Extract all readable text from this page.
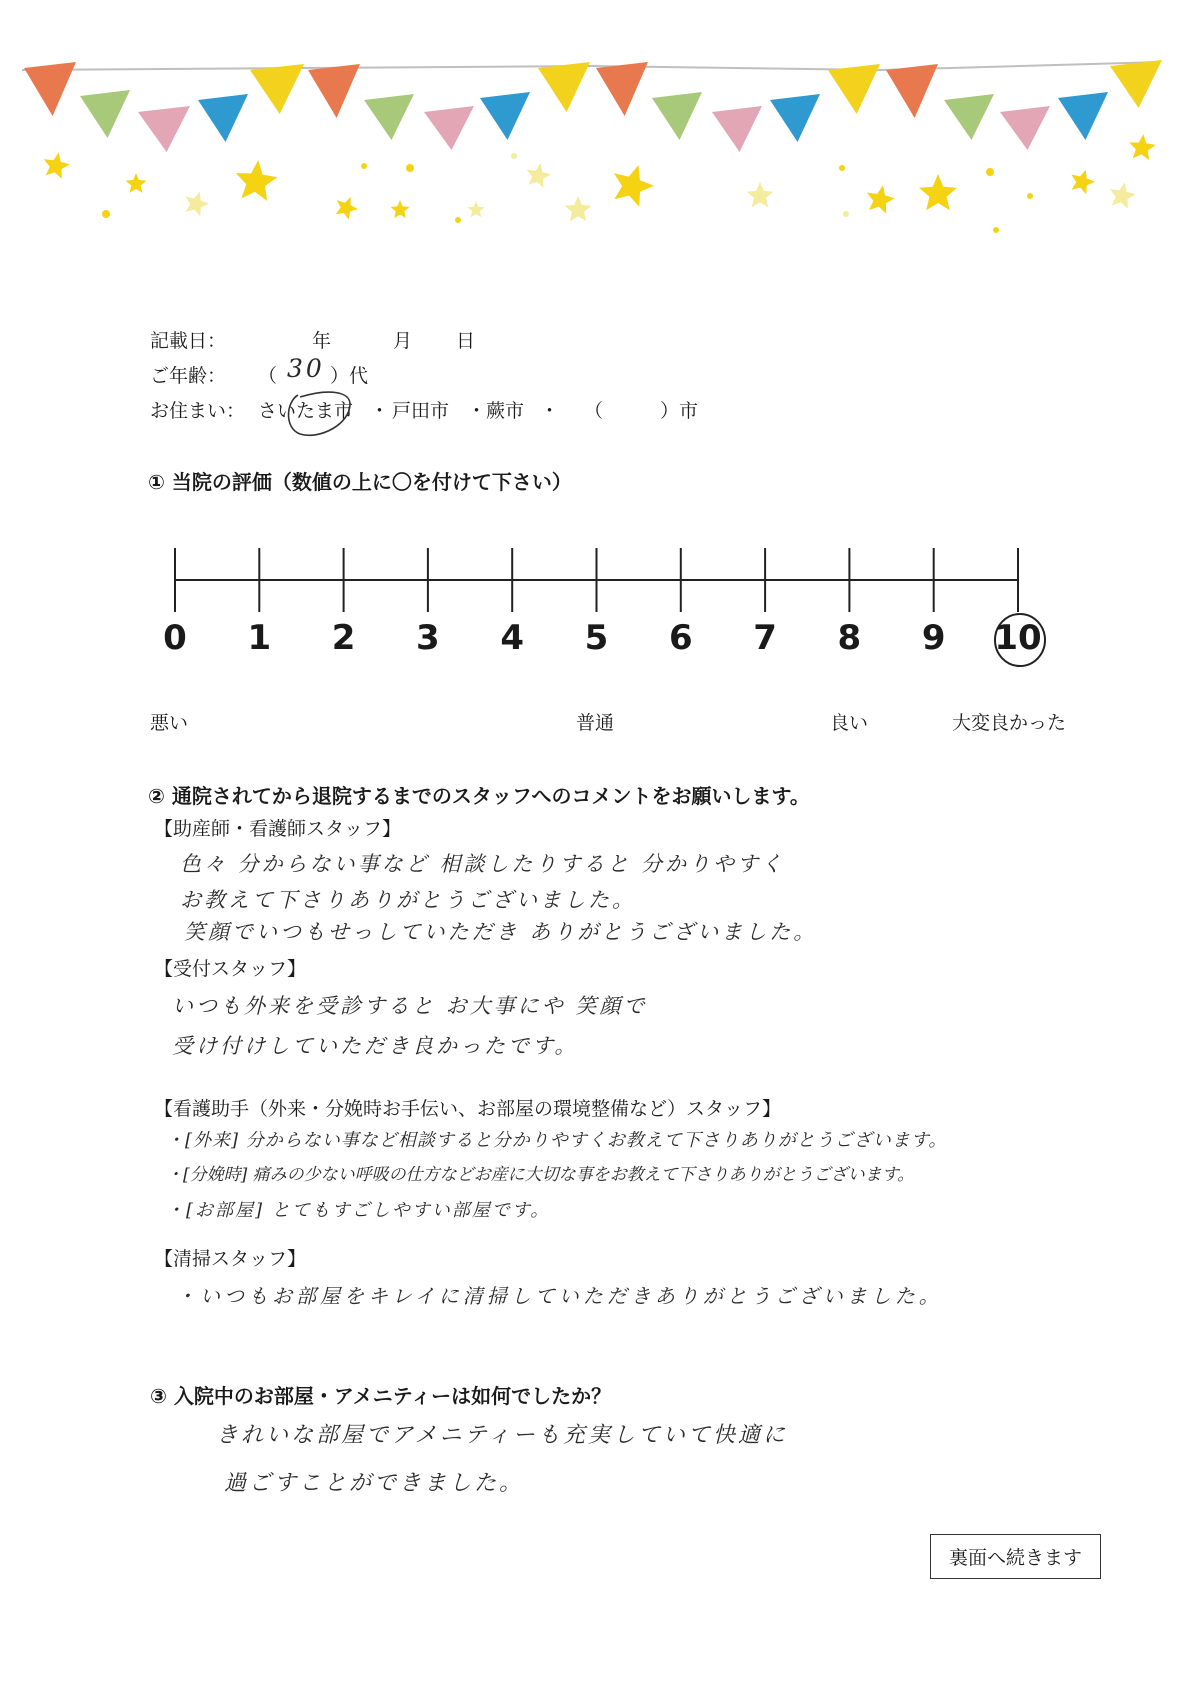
記載日：	年	月 日
ご年齢： （ 30 ）代
お住まい： さいたま市 ・ 戸田市 ・ 蕨市 ・ （	）市
① 当院の評価（数値の上に〇を付けて下さい）
0 1 2 3 4 5 6 7 8 9 10
悪い	普通	良い	大変良かった
② 通院されてから退院するまでのスタッフへのコメントをお願いします。
【助産師・看護師スタッフ】
色々 分からない事など 相談したりすると 分かりやすく
お教えて下さりありがとうございました。
笑顔でいつもせっしていただき ありがとうございました。
【受付スタッフ】
いつも外来を受診すると お大事にや 笑顔で
受け付けしていただき良かったです。
【看護助手（外来・分娩時お手伝い、お部屋の環境整備など）スタッフ】
・[外来] 分からない事など相談すると分かりやすくお教えて下さりありがとうございます。
・[分娩時] 痛みの少ない呼吸の仕方などお産に大切な事をお教えて下さりありがとうございます。
・[お部屋] とてもすごしやすい部屋です。
【清掃スタッフ】
・いつもお部屋をキレイに清掃していただきありがとうございました。
③ 入院中のお部屋・アメニティーは如何でしたか？
きれいな部屋でアメニティーも充実していて快適に
過ごすことができました。
裏面へ続きます
